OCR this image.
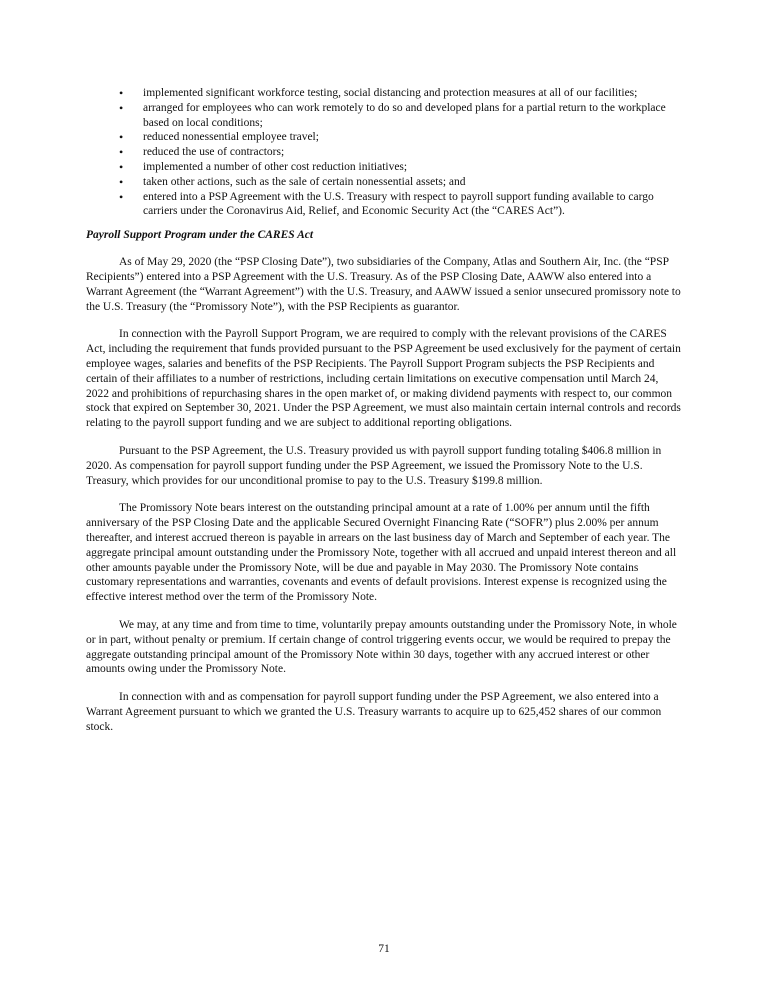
• implemented significant workforce testing, social distancing and protection measures at all of our facilities;
• arranged for employees who can work remotely to do so and developed plans for a partial return to the workplace based on local conditions;
• reduced nonessential employee travel;
• reduced the use of contractors;
• implemented a number of other cost reduction initiatives;
• taken other actions, such as the sale of certain nonessential assets; and
• entered into a PSP Agreement with the U.S. Treasury with respect to payroll support funding available to cargo carriers under the Coronavirus Aid, Relief, and Economic Security Act (the “CARES Act”).

Payroll Support Program under the CARES Act

As of May 29, 2020 (the “PSP Closing Date”), two subsidiaries of the Company, Atlas and Southern Air, Inc. (the “PSP Recipients”) entered into a PSP Agreement with the U.S. Treasury. As of the PSP Closing Date, AAWW also entered into a Warrant Agreement (the “Warrant Agreement”) with the U.S. Treasury, and AAWW issued a senior unsecured promissory note to the U.S. Treasury (the “Promissory Note”), with the PSP Recipients as guarantor.

In connection with the Payroll Support Program, we are required to comply with the relevant provisions of the CARES Act, including the requirement that funds provided pursuant to the PSP Agreement be used exclusively for the payment of certain employee wages, salaries and benefits of the PSP Recipients. The Payroll Support Program subjects the PSP Recipients and certain of their affiliates to a number of restrictions, including certain limitations on executive compensation until March 24, 2022 and prohibitions of repurchasing shares in the open market of, or making dividend payments with respect to, our common stock that expired on September 30, 2021. Under the PSP Agreement, we must also maintain certain internal controls and records relating to the payroll support funding and we are subject to additional reporting obligations.

Pursuant to the PSP Agreement, the U.S. Treasury provided us with payroll support funding totaling $406.8 million in 2020. As compensation for payroll support funding under the PSP Agreement, we issued the Promissory Note to the U.S. Treasury, which provides for our unconditional promise to pay to the U.S. Treasury $199.8 million.

The Promissory Note bears interest on the outstanding principal amount at a rate of 1.00% per annum until the fifth anniversary of the PSP Closing Date and the applicable Secured Overnight Financing Rate (“SOFR”) plus 2.00% per annum thereafter, and interest accrued thereon is payable in arrears on the last business day of March and September of each year. The aggregate principal amount outstanding under the Promissory Note, together with all accrued and unpaid interest thereon and all other amounts payable under the Promissory Note, will be due and payable in May 2030. The Promissory Note contains customary representations and warranties, covenants and events of default provisions. Interest expense is recognized using the effective interest method over the term of the Promissory Note.

We may, at any time and from time to time, voluntarily prepay amounts outstanding under the Promissory Note, in whole or in part, without penalty or premium. If certain change of control triggering events occur, we would be required to prepay the aggregate outstanding principal amount of the Promissory Note within 30 days, together with any accrued interest or other amounts owing under the Promissory Note.

In connection with and as compensation for payroll support funding under the PSP Agreement, we also entered into a Warrant Agreement pursuant to which we granted the U.S. Treasury warrants to acquire up to 625,452 shares of our common stock.

71
